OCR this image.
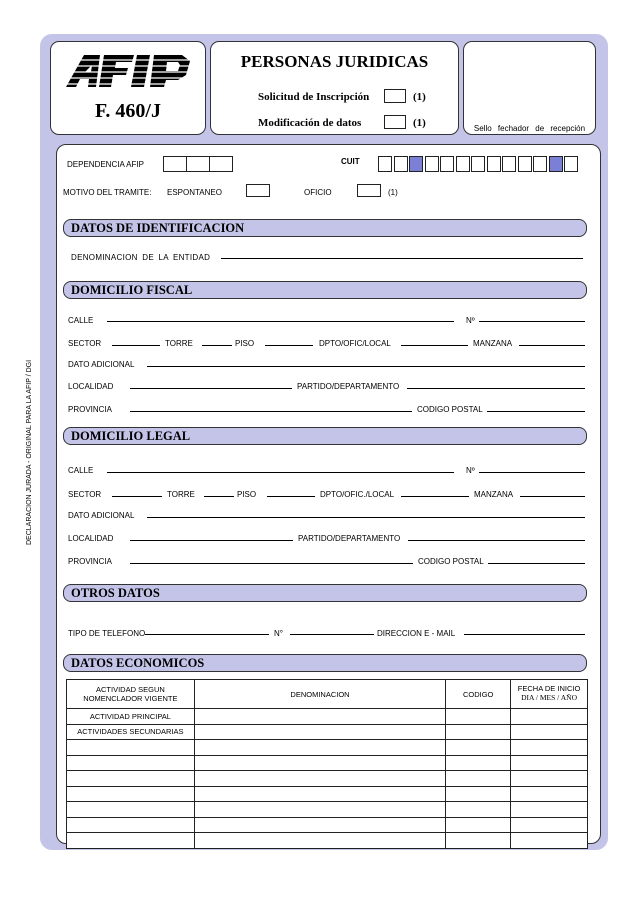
DECLARACION JURADA - ORIGINAL PARA LA AFIP / DGI
F. 460/J
PERSONAS JURIDICAS
Solicitud de Inscripción	(1)
Modificación de datos	(1)	Sello fechador de recepción
DEPENDENCIA AFIP	CUIT
MOTIVO DEL TRAMITE: ESPONTANEO	OFICIO	(1)
DATOS DE IDENTIFICACION
DENOMINACION DE LA ENTIDAD
DOMICILIO FISCAL
CALLE	Nº
SECTOR	TORRE	PISO	DPTO/OFIC/LOCAL	MANZANA
DATO ADICIONAL
LOCALIDAD	PARTIDO/DEPARTAMENTO
PROVINCIA	CODIGO POSTAL
DOMICILIO LEGAL
CALLE	Nº
SECTOR	TORRE	PISO	DPTO/OFIC./LOCAL	MANZANA
DATO ADICIONAL
LOCALIDAD	PARTIDO/DEPARTAMENTO
PROVINCIA	CODIGO POSTAL
OTROS DATOS
TIPO DE TELEFONO	N°	DIRECCION E - MAIL
DATOS ECONOMICOS
ACTIVIDAD SEGUN NOMENCLADOR VIGENTE	DENOMINACION	CODIGO	FECHA DE INICIO
DIA / MES / AÑO

ACTIVIDAD PRINCIPAL			
ACTIVIDADES SECUNDARIAS			
